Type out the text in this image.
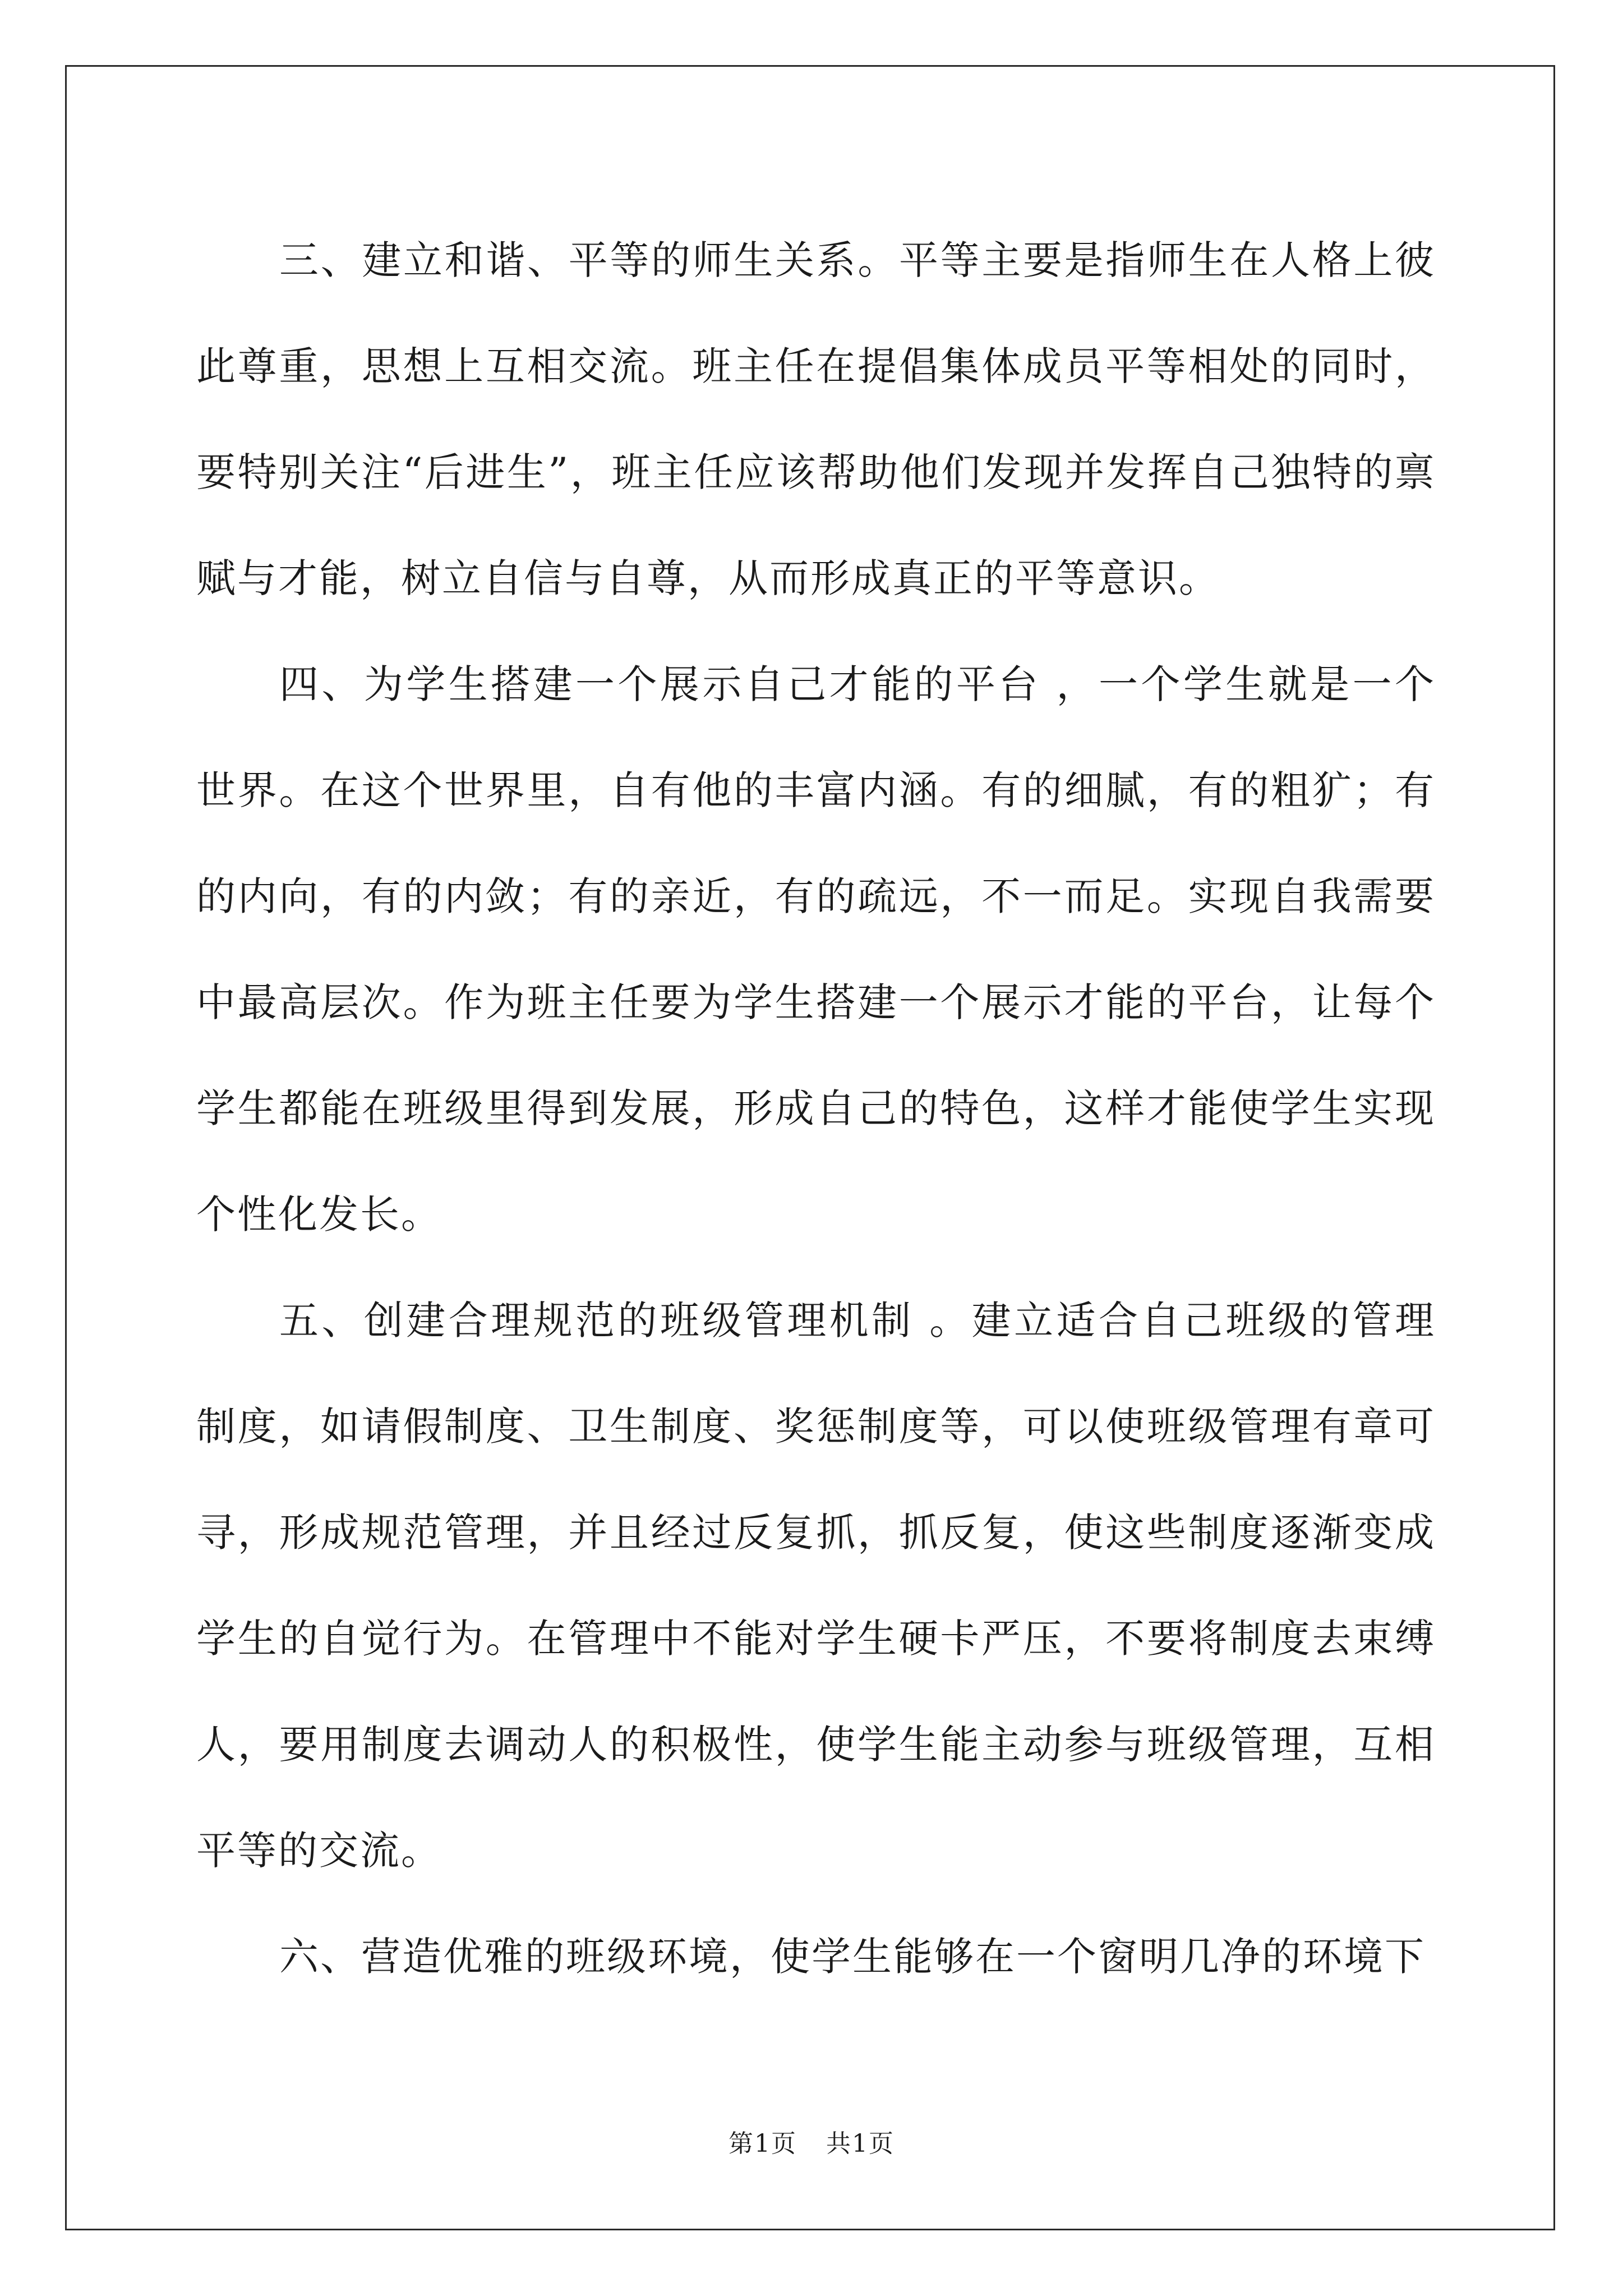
三、建立和谐、平等的师生关系。平等主要是指师生在人格上彼此尊重，思想上互相交流。班主任在提倡集体成员平等相处的同时，要特别关注“后进生”，班主任应该帮助他们发现并发挥自己独特的禀赋与才能，树立自信与自尊，从而形成真正的平等意识。

四、为学生搭建一个展示自己才能的平台 ，一个学生就是一个世界。在这个世界里，自有他的丰富内涵。有的细腻，有的粗犷；有的内向，有的内敛；有的亲近，有的疏远，不一而足。实现自我需要中最高层次。作为班主任要为学生搭建一个展示才能的平台，让每个学生都能在班级里得到发展，形成自己的特色，这样才能使学生实现个性化发长。

五、创建合理规范的班级管理机制 。建立适合自己班级的管理制度，如请假制度、卫生制度、奖惩制度等，可以使班级管理有章可寻，形成规范管理，并且经过反复抓，抓反复，使这些制度逐渐变成学生的自觉行为。在管理中不能对学生硬卡严压，不要将制度去束缚人，要用制度去调动人的积极性，使学生能主动参与班级管理，互相平等的交流。

六、营造优雅的班级环境，使学生能够在一个窗明几净的环境下

第1页 共1页
